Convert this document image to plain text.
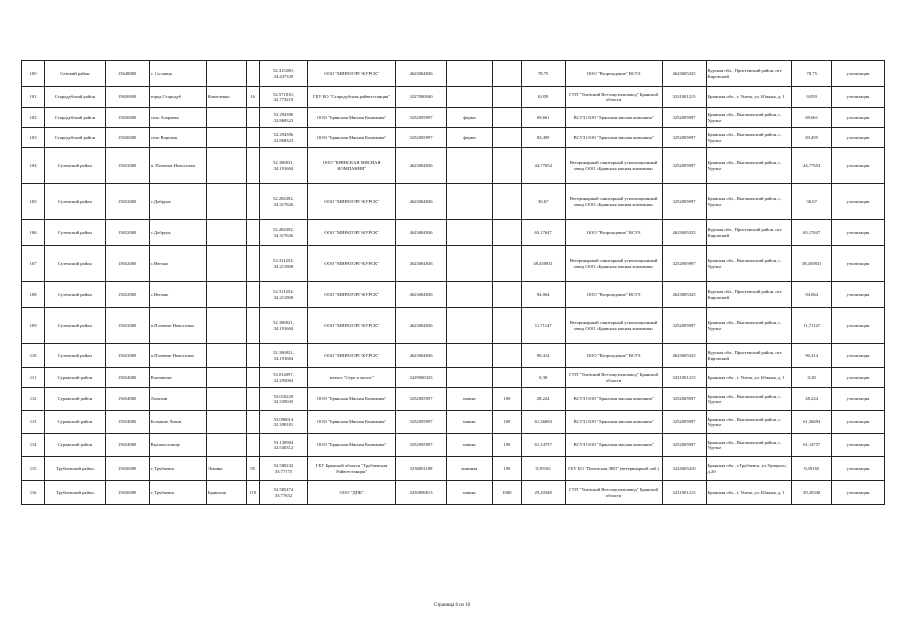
100	Севский район	15648000	с. Сосница			52.315200,
34.437339	ООО "МИРАТОРГ-КУРСК"	4623004836			78,75	ООО "Возрождение" ВСУЗ	4623005325	Курская обл., Пристенский район, пгт. Кировский	78,75	утилизация
101	Стародубский район	15650000	город Стародуб	Кошеленко	16	52.571810,
32.773219	ГБУ БО "Стародубская райветстанция"	3227000040			0,059	ГУП "Унечский Ветсанутильзавод" Брянской области	3231001215	Брянская обл., г. Унеча, ул. Южная, д. 1	0,059	утилизация
102	Стародубский район	15650000	село Азаровка			52.294396
32.868323	ООО "Брянская Мясная Компания"	3252005997	ферма		69,661	ВСУЗ ООО "Брянская мясная компания"	3252005997	Брянская обл., Выгоничский район, с. Уручье	69,661	утилизация
103	Стародубский район	15650000	село Воронок			52.294396
32.868323	ООО "Брянская Мясная Компания"	3252005997	ферма		83,495	ВСУЗ ООО "Брянская мясная компания"	3252005997	Брянская обл., Выгоничский район, с. Уручье	83,495	утилизация
104	Суземский район	15652000	п. Полевые Новоселки			52.186931,
34.191604	ООО "БРЯНСКАЯ МЯСНАЯ КОМПАНИЯ"	4623004836			44,77654	Ветеринарный санитарный утилизационный завод ООО «Брянская мясная компания»	3252005997	Брянская обл., Выгоничский район, с. Уручье	44,77654	утилизация
105	Суземский район	15652000	с.Добрунь			52.284392,
34.317626	ООО "МИРАТОРГ-КУРСК"	4623004836			30,67	Ветеринарный санитарный утилизационный завод ООО «Брянская мясная компания»	3252005997	Брянская обл., Выгоничский район, с. Уручье	30,67	утилизация
106	Суземский район	15652000	с.Добрунь			52.284392,
34.317626	ООО "МИРАТОРГ-КУРСК"	4623004836			65,17647	ООО "Возрождение" ВСУЗ	4623005325	Курская обл., Пристенский район, пгт. Кировский	65,17647	утилизация
107	Суземский район	15652000	с.Негино			52.311254,
34.211808	ООО "МИРАТОРГ-КУРСК"	4623004836			38,450831	Ветеринарный санитарный утилизационный завод ООО «Брянская мясная компания»	3252005997	Брянская обл., Выгоничский район, с. Уручье	38,450831	утилизация
108	Суземский район	15652000	с.Негино			52.311254,
34.211808	ООО "МИРАТОРГ-КУРСК"	4623004836			94,064	ООО "Возрождение" ВСУЗ	4623005325	Курская обл., Пристенский район, пгт. Кировский	94,064	утилизация
109	Суземский район	15652000	п.Полевые Новоселки			52.186921,
34.191604	ООО "МИРАТОРГ-КУРСК"	4623004836			11,71147	Ветеринарный санитарный утилизационный завод ООО «Брянская мясная компания»	3252005997	Брянская обл., Выгоничский район, с. Уручье	11,71147	утилизация
110	Суземский район	15652000	п.Полевые Новоселки			52.186921,
34.191604	ООО "МИРАТОРГ-КУРСК"	4623004836			90,414	ООО "Возрождение" ВСУЗ	4623005325	Курская обл., Пристенский район, пгт. Кировский	90,414	утилизация
111	Суражский район	15654000	Влазовичи			53.014097,
32.295063	колхоз "Серп и молот"	3229000323			0,38	ГУП "Унечский Ветсанутильзавод" Брянской области	3231001215	Брянская обл., г. Унеча, ул. Южная, д. 1	0,38	утилизация
112	Суражский район	15654000	Лопатни			53.010229
32.539045	ООО "Брянская Мясная Компания"	3252005997	замкнс	100	28,224	ВСУЗ ООО "Брянская мясная компания"	3252005997	Брянская обл., Выгоничский район, с. Уручье	28,224	утилизация
113	Суражский район	15654000	Большие Ловчи			53.096014
32.398181	ООО "Брянская Мясная Компания"	3252005997	замкнс	100	61,36694	ВСУЗ ООО "Брянская мясная компания"	3252005997	Брянская обл., Выгоничский район, с. Уручье	61,36694	утилизация
114	Суражский район	15654000	Высокоселище			53.130904
32.540312	ООО "Брянская Мясная Компания"	3252005997	замкнс	100	61,14757	ВСУЗ ООО "Брянская мясная компания"	3252005997	Брянская обл., Выгоничский район, с. Уручье	61,14757	утилизация
115	Трубчевский район	15656000	г. Трубчевск	Ленина	95	52.580232
33.77175	ГБУ Брянской области "Трубчевская Райветстанция"	3230001188	кониная	100	0,39165	ГБУ БО "Почепская ЗВЛ" (ветеринарной лаб.)	3224005410	Брянская обл., г.Трубчевск, ул.Урицкого, д.20	0,39165	утилизация
116	Трубчевский район	15656000	г. Трубчевск	Брянская	118	52.585474
33.77652	ООО "ДПК"	3230006813	замкнс	1000	29,20348	ГУП "Унечский Ветсанутильзавод" Брянской области	3231001215	Брянская обл., г. Унеча, ул. Южная, д. 1	29,20348	утилизация
Страница 6 из 10
